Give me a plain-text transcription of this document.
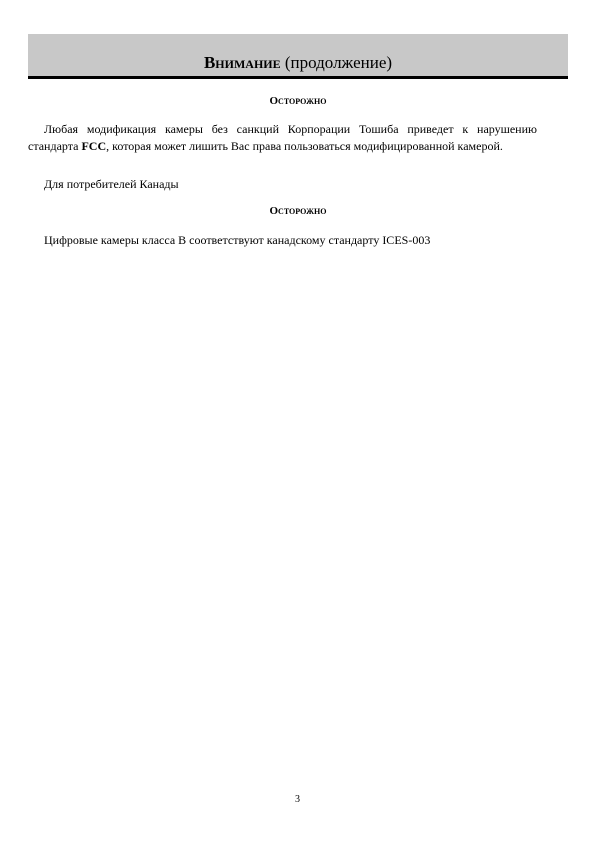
Внимание (продолжение)
Осторожно
Любая модификация камеры без санкций Корпорации Тошиба приведет к нарушению стандарта FCC, которая может лишить Вас права пользоваться модифицированной камерой.
Для потребителей Канады
Осторожно
Цифровые камеры класса В соответствуют канадскому стандарту ICES-003
3
